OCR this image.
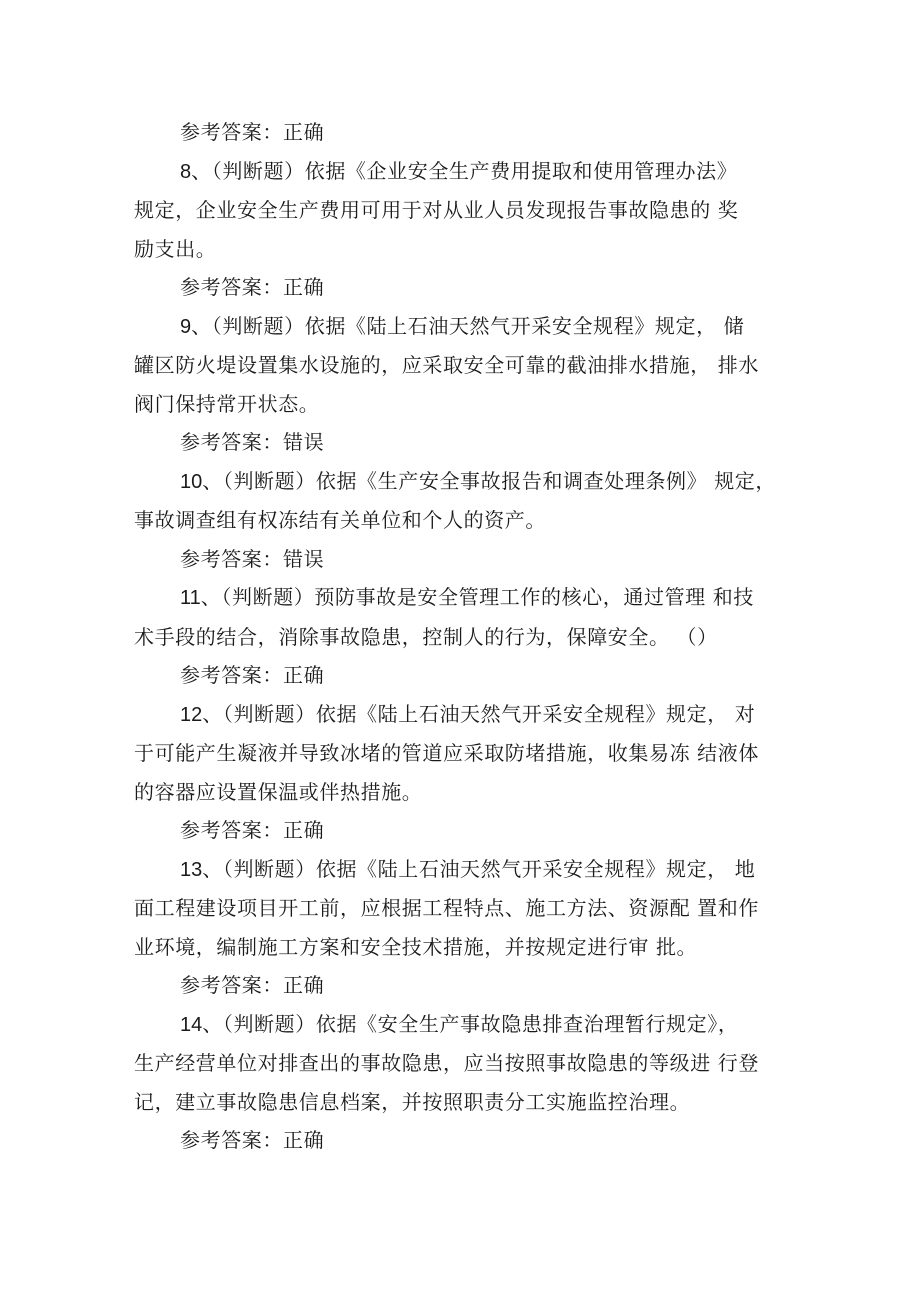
参考答案：正确
8、（判断题）依据《企业安全生产费用提取和使用管理办法》
规定，企业安全生产费用可用于对从业人员发现报告事故隐患的 奖
励支出。
参考答案：正确
9、（判断题）依据《陆上石油天然气开采安全规程》规定， 储
罐区防火堤设置集水设施的，应采取安全可靠的截油排水措施， 排水
阀门保持常开状态。
参考答案：错误
10、（判断题）依据《生产安全事故报告和调查处理条例》 规定，
事故调查组有权冻结有关单位和个人的资产。
参考答案：错误
11、（判断题）预防事故是安全管理工作的核心，通过管理 和技
术手段的结合，消除事故隐患，控制人的行为，保障安全。 （）
参考答案：正确
12、（判断题）依据《陆上石油天然气开采安全规程》规定， 对
于可能产生凝液并导致冰堵的管道应采取防堵措施，收集易冻 结液体
的容器应设置保温或伴热措施。
参考答案：正确
13、（判断题）依据《陆上石油天然气开采安全规程》规定， 地
面工程建设项目开工前，应根据工程特点、施工方法、资源配 置和作
业环境，编制施工方案和安全技术措施，并按规定进行审 批。
参考答案：正确
14、（判断题）依据《安全生产事故隐患排查治理暂行规定》，
生产经营单位对排查出的事故隐患，应当按照事故隐患的等级进 行登
记，建立事故隐患信息档案，并按照职责分工实施监控治理。
参考答案：正确
